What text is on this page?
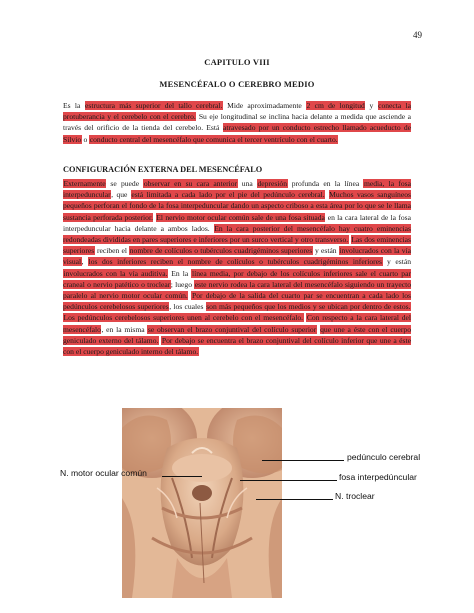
49
CAPITULO VIII
MESENCÉFALO O CEREBRO MEDIO
Es la estructura más superior del tallo cerebral. Mide aproximadamente 2 cm de longitud y conecta la protuberancia y el cerebelo con el cerebro. Su eje longitudinal se inclina hacia delante a medida que asciende a través del orificio de la tienda del cerebelo. Está atravesado por un conducto estrecho llamado acueducto de Silvio o conducto central del mesencéfalo que comunica el tercer ventrículo con el cuarto.
CONFIGURACIÓN EXTERNA DEL MESENCÉFALO
Externamente se puede observar en su cara anterior una depresión profunda en la línea media, la fosa interpeduncular, que está limitada a cada lado por el pie del pedúnculo cerebral. Muchos vasos sanguíneos pequeños perforan el fondo de la fosa interpeduncular dando un aspecto criboso a esta área por lo que se le llama sustancia perforada posterior. El nervio motor ocular común sale de una fosa situada en la cara lateral de la fosa interpeduncular hacia delante a ambos lados. En la cara posterior del mesencéfalo hay cuatro eminencias redondeadas divididas en pares superiores e inferiores por un surco vertical y otro transverso. Las dos eminencias superiores reciben el nombre de colículos o tubérculos cuadrigéminos superiores y están involucrados con la vía visual, los dos inferiores reciben el nombre de colículos o tubérculos cuadrigéminos inferiores y están involucrados con la vía auditiva. En la línea media, por debajo de los colículos inferiores sale el cuarto par craneal o nervio patético o troclear; luego este nervio rodea la cara lateral del mesencéfalo siguiendo un trayecto paralelo al nervio motor ocular común. Por debajo de la salida del cuarto par se encuentran a cada lado los pedúnculos cerebelosos superiores, los cuales son más pequeños que los medios y se ubican por dentro de estos. Los pedúnculos cerebelosos superiores unen al cerebelo con el mesencéfalo. Con respecto a la cara lateral del mesencéfalo, en la misma se observan el brazo conjuntival del colículo superior que une a éste con el cuerpo geniculado externo del tálamo. Por debajo se encuentra el brazo conjuntival del colículo inferior que une a éste con el cuerpo geniculado interno del tálamo.
N. motor ocular común
pedúnculo cerebral
fosa interpedúncular
N. troclear
